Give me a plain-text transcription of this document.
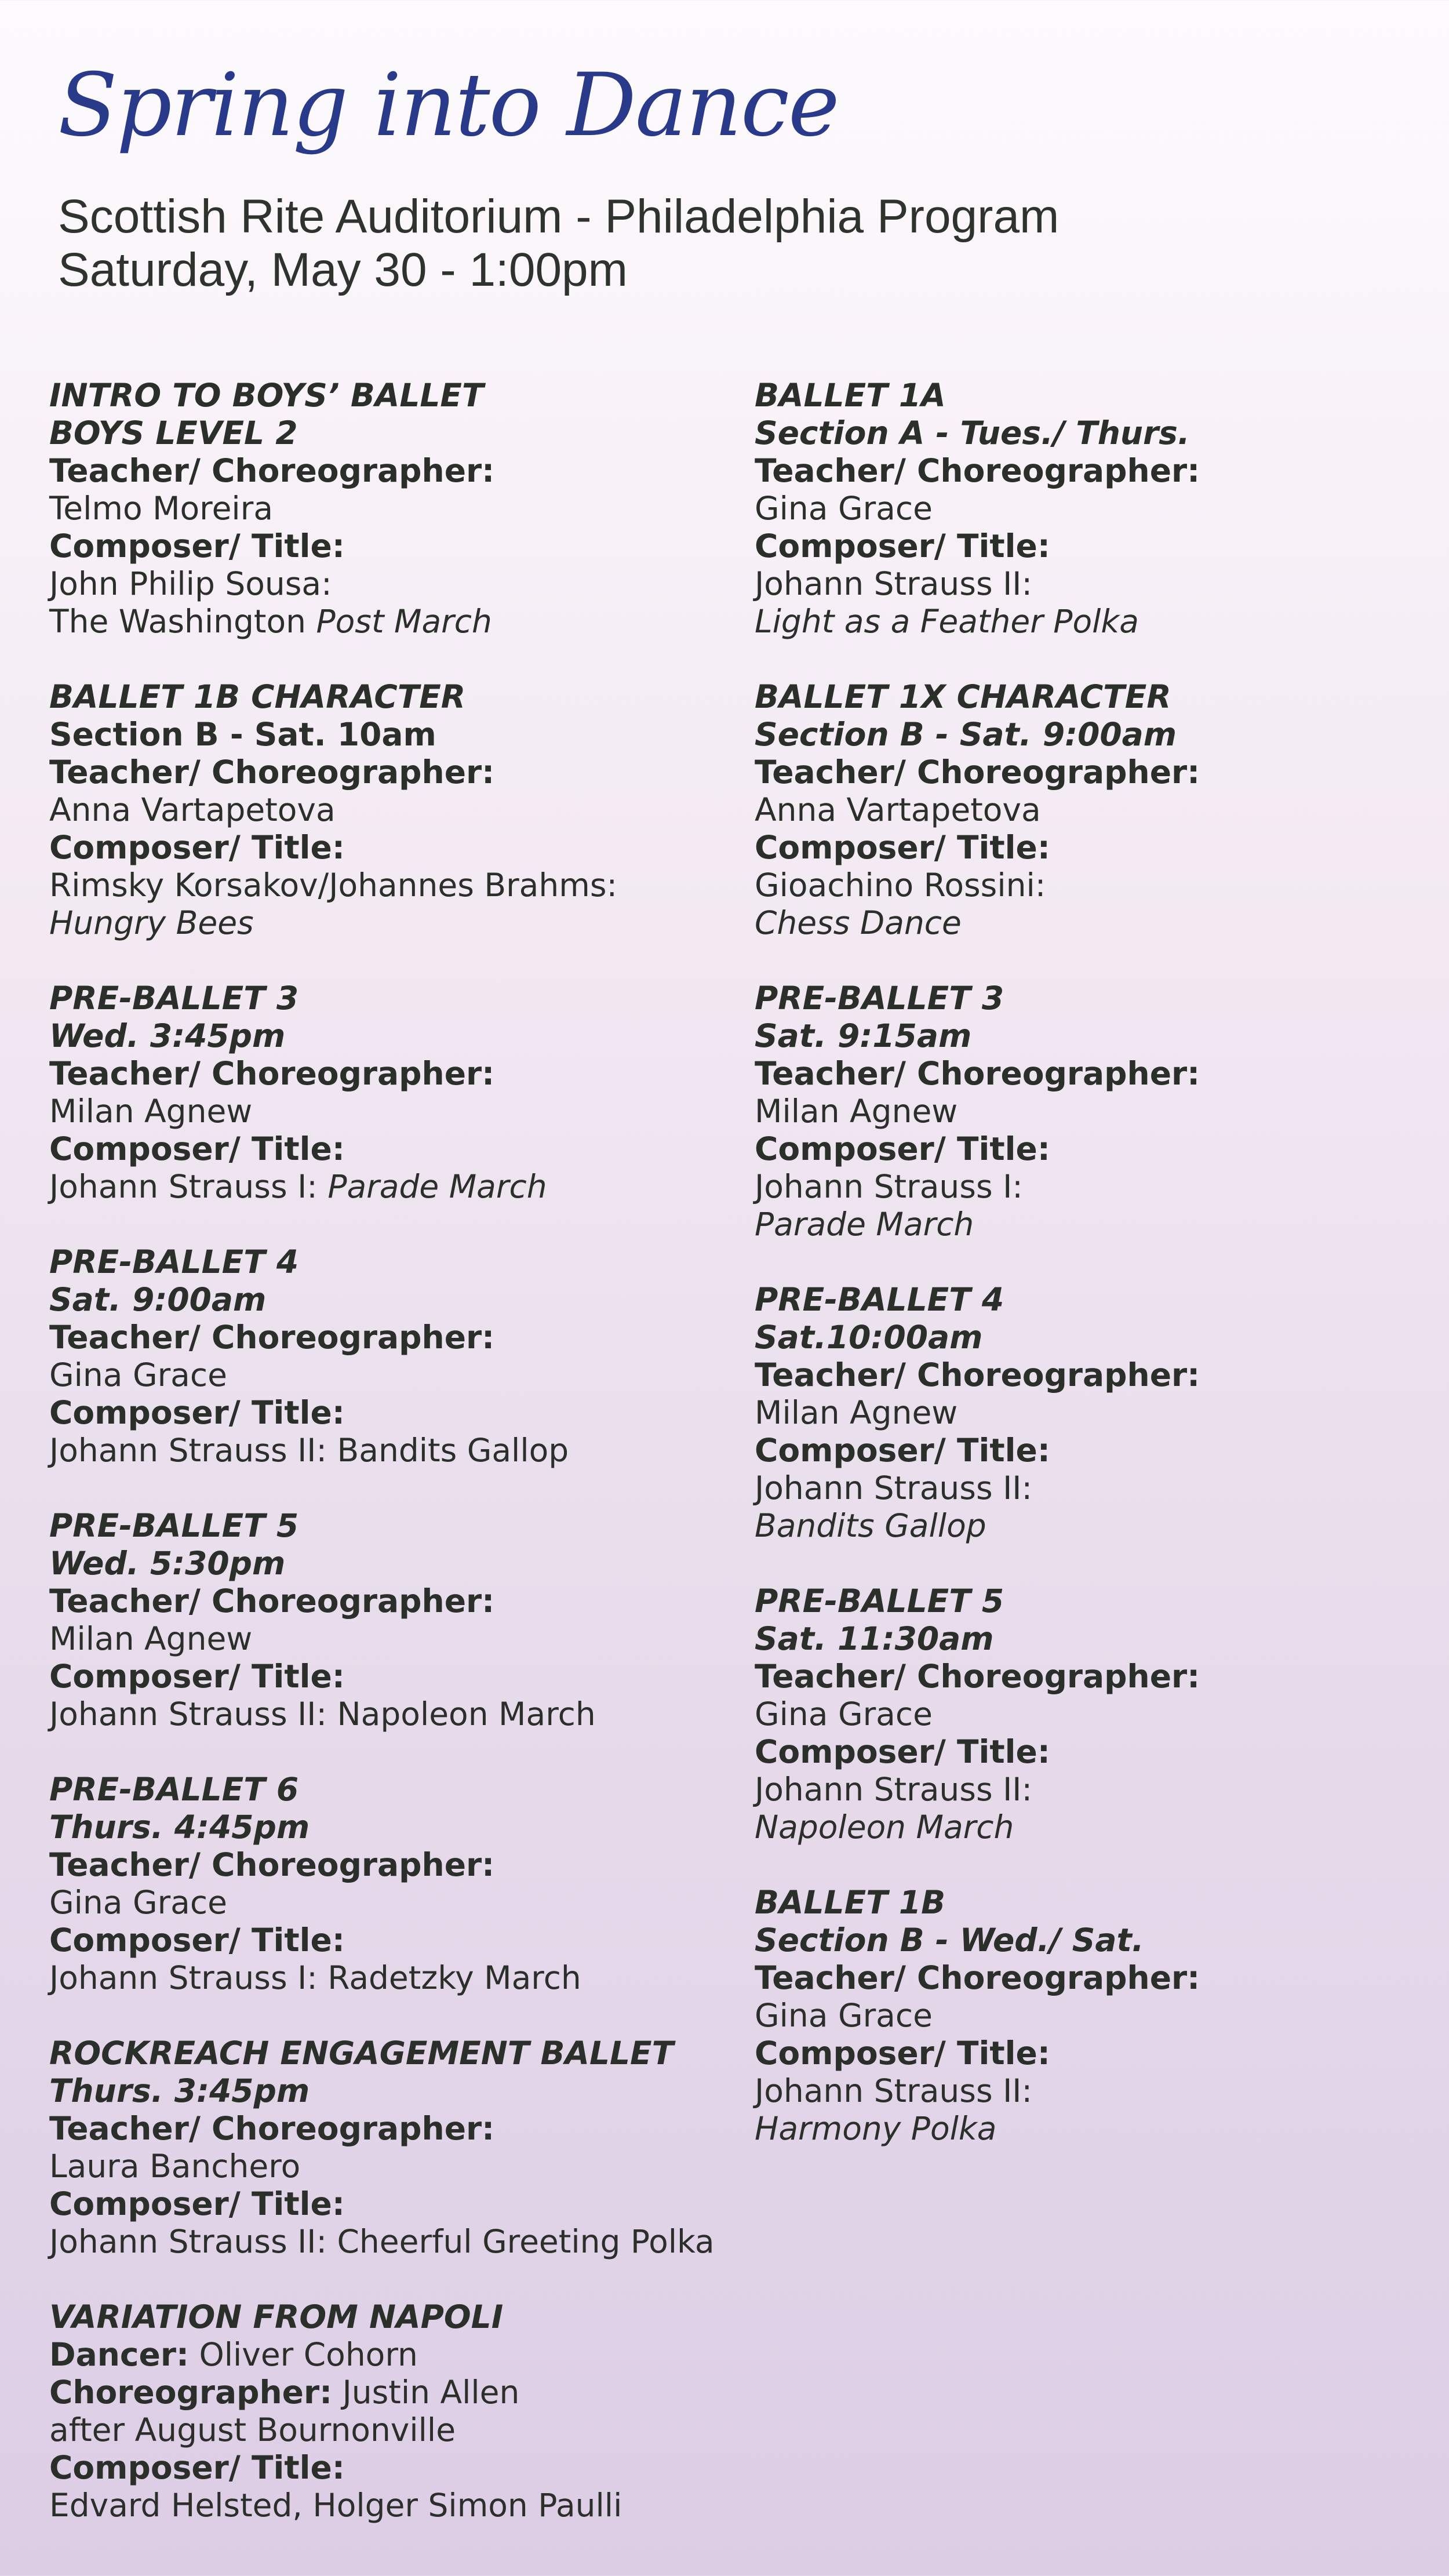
Spring into Dance
Scottish Rite Auditorium - Philadelphia Program
Saturday, May 30 - 1:00pm
INTRO TO BOYS’ BALLET
BOYS LEVEL 2
Teacher/ Choreographer:
Telmo Moreira
Composer/ Title:
John Philip Sousa:
The Washington Post March
BALLET 1B CHARACTER
Section B - Sat. 10am
Teacher/ Choreographer:
Anna Vartapetova
Composer/ Title:
Rimsky Korsakov/Johannes Brahms:
Hungry Bees
PRE-BALLET 3
Wed. 3:45pm
Teacher/ Choreographer:
Milan Agnew
Composer/ Title:
Johann Strauss I: Parade March
PRE-BALLET 4
Sat. 9:00am
Teacher/ Choreographer:
Gina Grace
Composer/ Title:
Johann Strauss II: Bandits Gallop
PRE-BALLET 5
Wed. 5:30pm
Teacher/ Choreographer:
Milan Agnew
Composer/ Title:
Johann Strauss II: Napoleon March
PRE-BALLET 6
Thurs. 4:45pm
Teacher/ Choreographer:
Gina Grace
Composer/ Title:
Johann Strauss I: Radetzky March
ROCKREACH ENGAGEMENT BALLET
Thurs. 3:45pm
Teacher/ Choreographer:
Laura Banchero
Composer/ Title:
Johann Strauss II: Cheerful Greeting Polka
VARIATION FROM NAPOLI
Dancer: Oliver Cohorn
Choreographer: Justin Allen
after August Bournonville
Composer/ Title:
Edvard Helsted, Holger Simon Paulli
BALLET 1A
Section A - Tues./ Thurs.
Teacher/ Choreographer:
Gina Grace
Composer/ Title:
Johann Strauss II:
Light as a Feather Polka
BALLET 1X CHARACTER
Section B - Sat. 9:00am
Teacher/ Choreographer:
Anna Vartapetova
Composer/ Title:
Gioachino Rossini:
Chess Dance
PRE-BALLET 3
Sat. 9:15am
Teacher/ Choreographer:
Milan Agnew
Composer/ Title:
Johann Strauss I:
Parade March
PRE-BALLET 4
Sat.10:00am
Teacher/ Choreographer:
Milan Agnew
Composer/ Title:
Johann Strauss II:
Bandits Gallop
PRE-BALLET 5
Sat. 11:30am
Teacher/ Choreographer:
Gina Grace
Composer/ Title:
Johann Strauss II:
Napoleon March
BALLET 1B
Section B - Wed./ Sat.
Teacher/ Choreographer:
Gina Grace
Composer/ Title:
Johann Strauss II:
Harmony Polka
